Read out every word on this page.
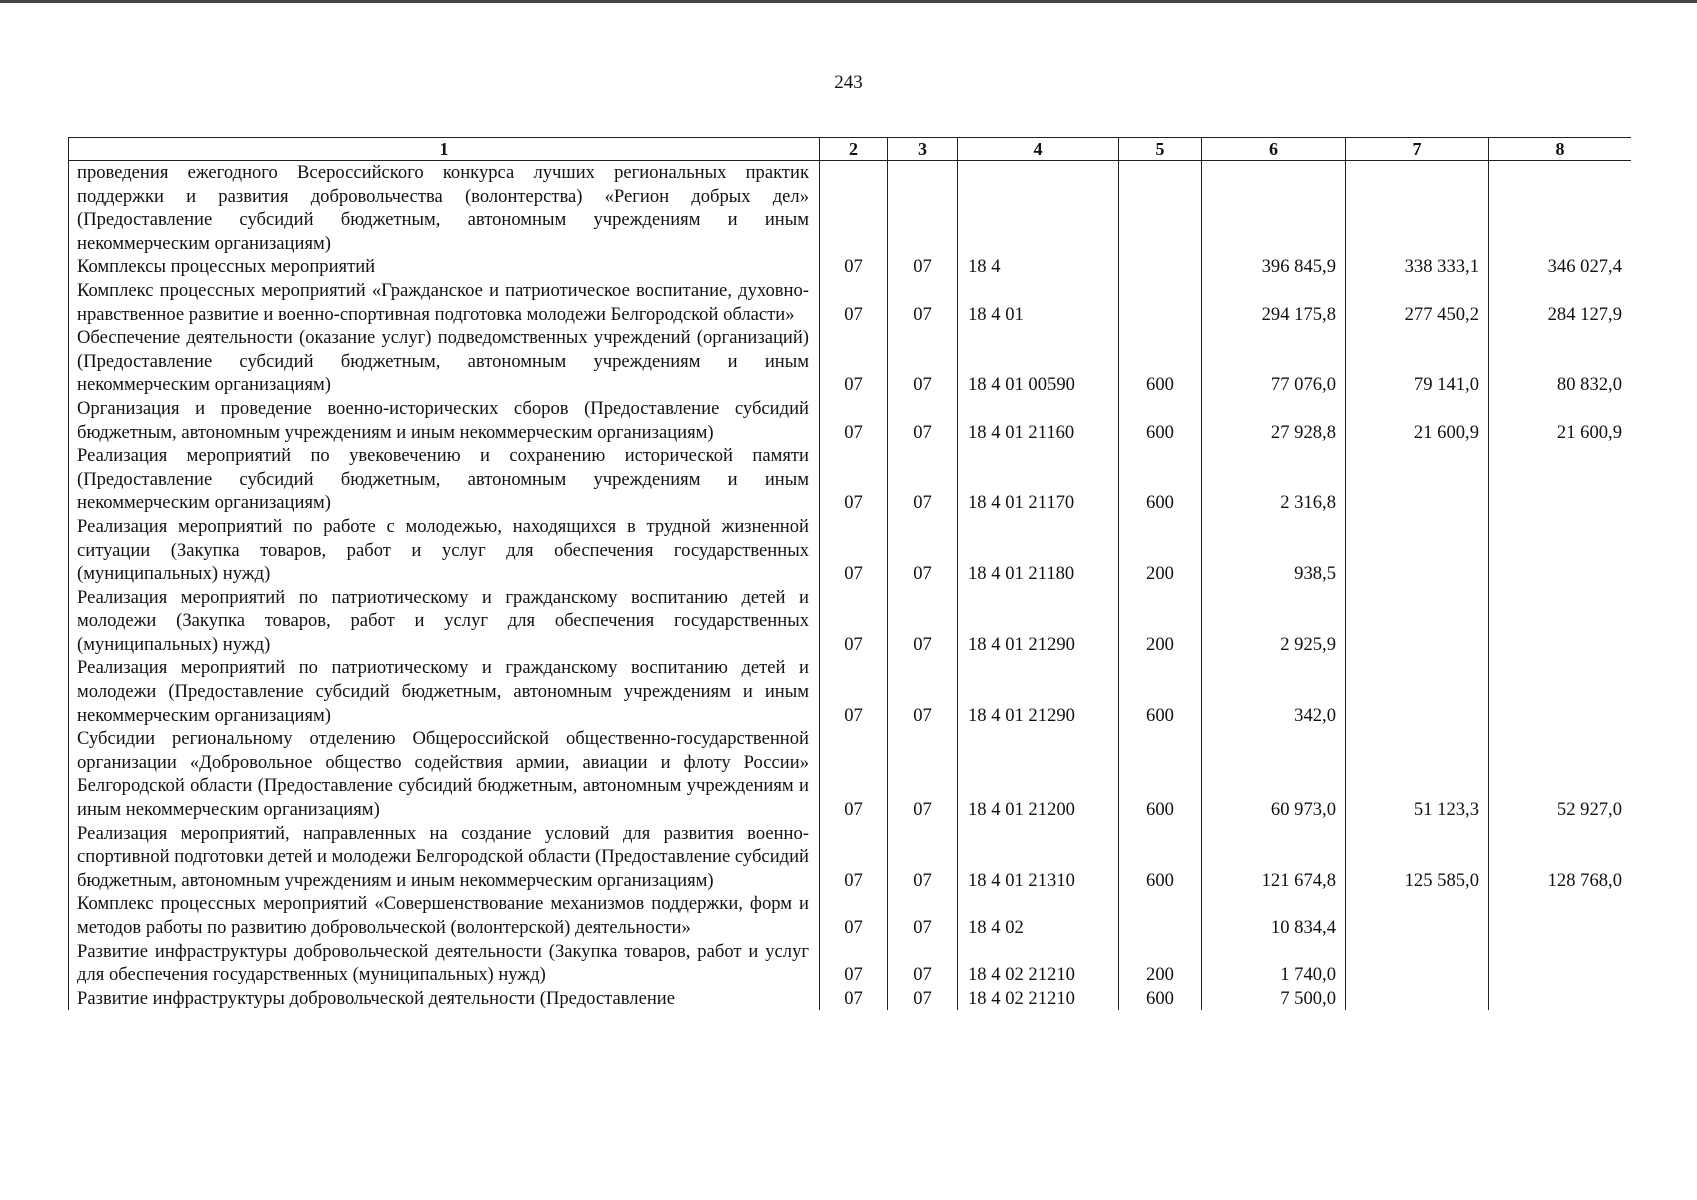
243
1	2	3	4	5	6	7	8
проведения ежегодного Всероссийского конкурса лучших региональных практик поддержки и развития добровольчества (волонтерства) «Регион добрых дел» (Предоставление субсидий бюджетным, автономным учреждениям и иным некоммерческим организациям)							
Комплексы процессных мероприятий	07	07	18 4		396 845,9	338 333,1	346 027,4
Комплекс процессных мероприятий «Гражданское и патриотическое воспитание, духовно-нравственное развитие и военно-спортивная подготовка молодежи Белгородской области»	07	07	18 4 01		294 175,8	277 450,2	284 127,9
Обеспечение деятельности (оказание услуг) подведомственных учреждений (организаций) (Предоставление субсидий бюджетным, автономным учреждениям и иным некоммерческим организациям)	07	07	18 4 01 00590	600	77 076,0	79 141,0	80 832,0
Организация и проведение военно-исторических сборов (Предоставление субсидий бюджетным, автономным учреждениям и иным некоммерческим организациям)	07	07	18 4 01 21160	600	27 928,8	21 600,9	21 600,9
Реализация мероприятий по увековечению и сохранению исторической памяти (Предоставление субсидий бюджетным, автономным учреждениям и иным некоммерческим организациям)	07	07	18 4 01 21170	600	2 316,8		
Реализация мероприятий по работе с молодежью, находящихся в трудной жизненной ситуации (Закупка товаров, работ и услуг для обеспечения государственных (муниципальных) нужд)	07	07	18 4 01 21180	200	938,5		
Реализация мероприятий по патриотическому и гражданскому воспитанию детей и молодежи (Закупка товаров, работ и услуг для обеспечения государственных (муниципальных) нужд)	07	07	18 4 01 21290	200	2 925,9		
Реализация мероприятий по патриотическому и гражданскому воспитанию детей и молодежи (Предоставление субсидий бюджетным, автономным учреждениям и иным некоммерческим организациям)	07	07	18 4 01 21290	600	342,0		
Субсидии региональному отделению Общероссийской общественно-государственной организации «Добровольное общество содействия армии, авиации и флоту России» Белгородской области (Предоставление субсидий бюджетным, автономным учреждениям и иным некоммерческим организациям)	07	07	18 4 01 21200	600	60 973,0	51 123,3	52 927,0
Реализация мероприятий, направленных на создание условий для развития военно-спортивной подготовки детей и молодежи Белгородской области (Предоставление субсидий бюджетным, автономным учреждениям и иным некоммерческим организациям)	07	07	18 4 01 21310	600	121 674,8	125 585,0	128 768,0
Комплекс процессных мероприятий «Совершенствование механизмов поддержки, форм и методов работы по развитию добровольческой (волонтерской) деятельности»	07	07	18 4 02		10 834,4		
Развитие инфраструктуры добровольческой деятельности (Закупка товаров, работ и услуг для обеспечения государственных (муниципальных) нужд)	07	07	18 4 02 21210	200	1 740,0		
Развитие инфраструктуры добровольческой деятельности (Предоставление	07	07	18 4 02 21210	600	7 500,0		
